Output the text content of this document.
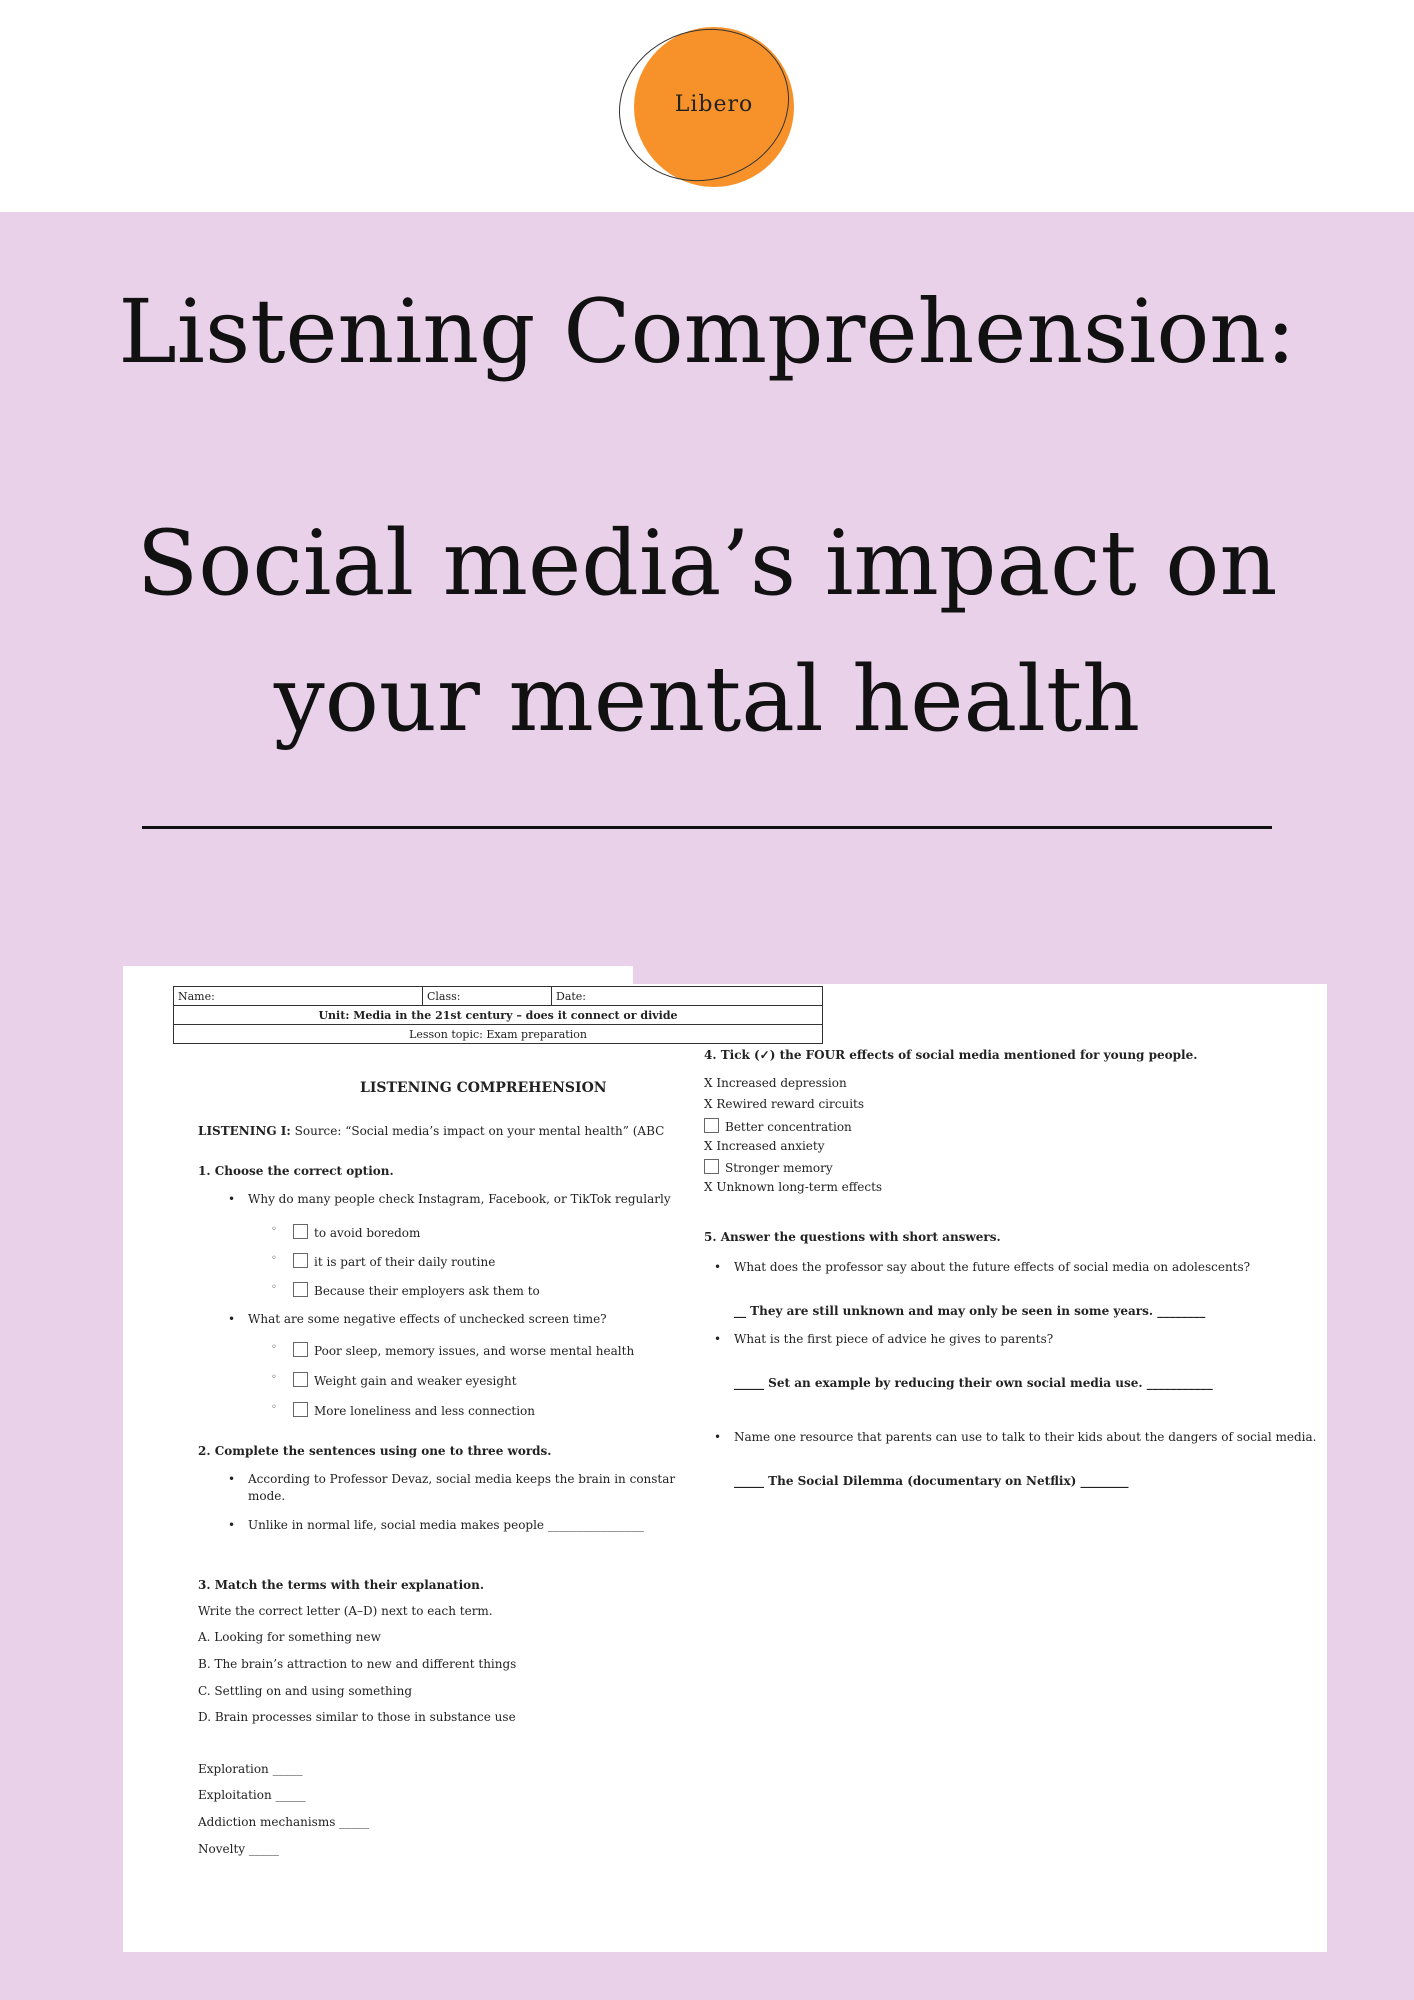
Libero
Listening Comprehension:
Social media’s impact on
your mental health
4. Tick (✓) the FOUR effects of social media mentioned for young people.
X Increased depression
X Rewired reward circuits
Better concentration
X Increased anxiety
Stronger memory
X Unknown long-term effects
5. Answer the questions with short answers.
• What does the professor say about the future effects of social media on adolescents?
__ They are still unknown and may only be seen in some years. ________
• What is the first piece of advice he gives to parents?
_____ Set an example by reducing their own social media use. ___________
• Name one resource that parents can use to talk to their kids about the dangers of social media.
_____ The Social Dilemma (documentary on Netflix) ________
Name:	Class:	Date:
Unit: Media in the 21st century – does it connect or divide
Lesson topic: Exam preparation
LISTENING COMPREHENSION
LISTENING I: Source: “Social media’s impact on your mental health” (ABC
1. Choose the correct option.
• Why do many people check Instagram, Facebook, or TikTok regularly
◦ to avoid boredom
◦ it is part of their daily routine
◦ Because their employers ask them to
• What are some negative effects of unchecked screen time?
◦ Poor sleep, memory issues, and worse mental health
◦ Weight gain and weaker eyesight
◦ More loneliness and less connection
2. Complete the sentences using one to three words.
• According to Professor Devaz, social media keeps the brain in constar
mode.
• Unlike in normal life, social media makes people ________________
3. Match the terms with their explanation.
Write the correct letter (A–D) next to each term.
A. Looking for something new
B. The brain’s attraction to new and different things
C. Settling on and using something
D. Brain processes similar to those in substance use
Exploration _____
Exploitation _____
Addiction mechanisms _____
Novelty _____
